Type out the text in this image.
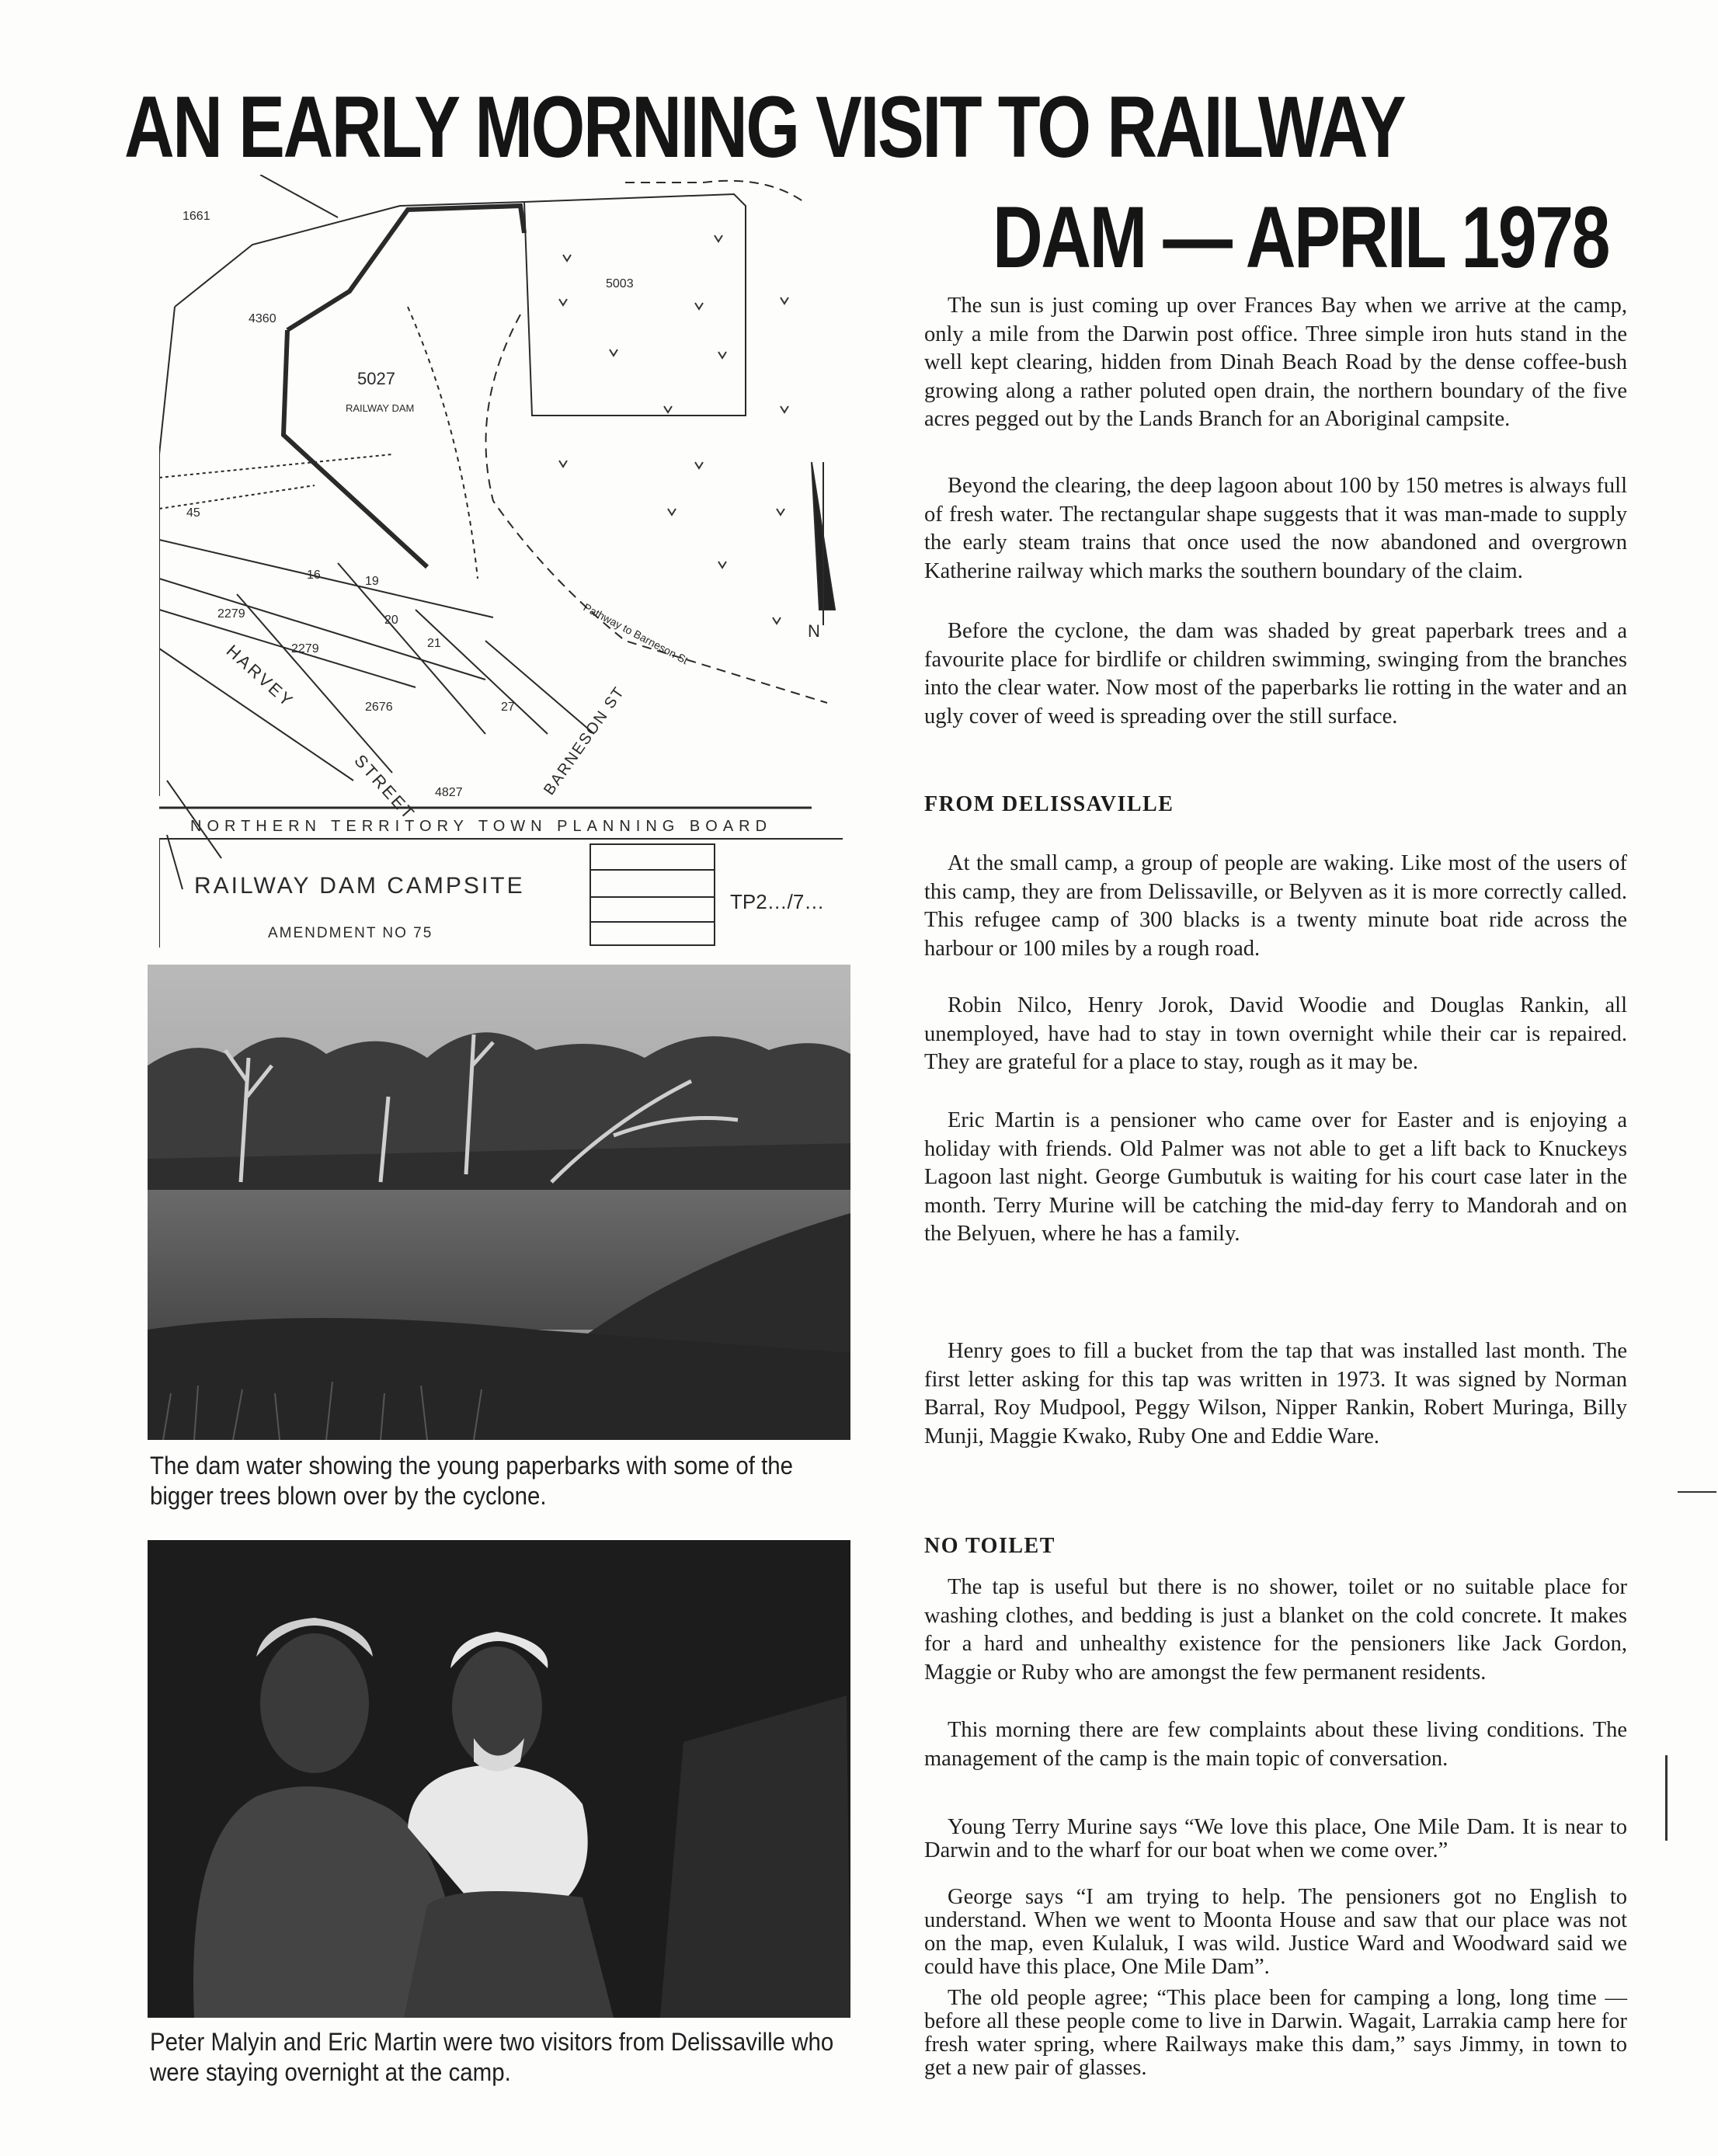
AN EARLY MORNING VISIT TO RAILWAY
DAM — APRIL 1978
1661
4360
5003
5027
RAILWAY DAM
45
16	19
2279	20
21
2279
2676	27
4827
HARVEY
STREET	BARNESON ST
Pathway to Barneson St	N
NORTHERN TERRITORY TOWN PLANNING BOARD
RAILWAY DAM CAMPSITE
AMENDMENT NO 75
TP2…/7…

The dam water showing the young paperbarks with some of the bigger trees blown over by the cyclone.

Peter Malyin and Eric Martin were two visitors from Delissaville who were staying overnight at the camp.

The sun is just coming up over Frances Bay when we arrive at the camp, only a mile from the Darwin post office. Three simple iron huts stand in the well kept clearing, hidden from Dinah Beach Road by the dense coffee-bush growing along a rather poluted open drain, the northern boundary of the five acres pegged out by the Lands Branch for an Aboriginal campsite.

Beyond the clearing, the deep lagoon about 100 by 150 metres is always full of fresh water. The rectangular shape suggests that it was man-made to supply the early steam trains that once used the now abandoned and overgrown Katherine railway which marks the southern boundary of the claim.

Before the cyclone, the dam was shaded by great paperbark trees and a favourite place for birdlife or children swimming, swinging from the branches into the clear water. Now most of the paperbarks lie rotting in the water and an ugly cover of weed is spreading over the still surface.

FROM DELISSAVILLE

At the small camp, a group of people are waking. Like most of the users of this camp, they are from Delissaville, or Belyven as it is more correctly called. This refugee camp of 300 blacks is a twenty minute boat ride across the harbour or 100 miles by a rough road.

Robin Nilco, Henry Jorok, David Woodie and Douglas Rankin, all unemployed, have had to stay in town overnight while their car is repaired. They are grateful for a place to stay, rough as it may be.

Eric Martin is a pensioner who came over for Easter and is enjoying a holiday with friends. Old Palmer was not able to get a lift back to Knuckeys Lagoon last night. George Gumbutuk is waiting for his court case later in the month. Terry Murine will be catching the mid-day ferry to Mandorah and on the Belyuen, where he has a family.

Henry goes to fill a bucket from the tap that was installed last month. The first letter asking for this tap was written in 1973. It was signed by Norman Barral, Roy Mudpool, Peggy Wilson, Nipper Rankin, Robert Muringa, Billy Munji, Maggie Kwako, Ruby One and Eddie Ware.

NO TOILET

The tap is useful but there is no shower, toilet or no suitable place for washing clothes, and bedding is just a blanket on the cold concrete. It makes for a hard and unhealthy existence for the pensioners like Jack Gordon, Maggie or Ruby who are amongst the few permanent residents.

This morning there are few complaints about these living conditions. The management of the camp is the main topic of conversation.

Young Terry Murine says “We love this place, One Mile Dam. It is near to Darwin and to the wharf for our boat when we come over.”

George says “I am trying to help. The pensioners got no English to understand. When we went to Moonta House and saw that our place was not on the map, even Kulaluk, I was wild. Justice Ward and Woodward said we could have this place, One Mile Dam”.

The old people agree; “This place been for camping a long, long time — before all these people come to live in Darwin. Wagait, Larrakia camp here for fresh water spring, where Railways make this dam,” says Jimmy, in town to get a new pair of glasses.
